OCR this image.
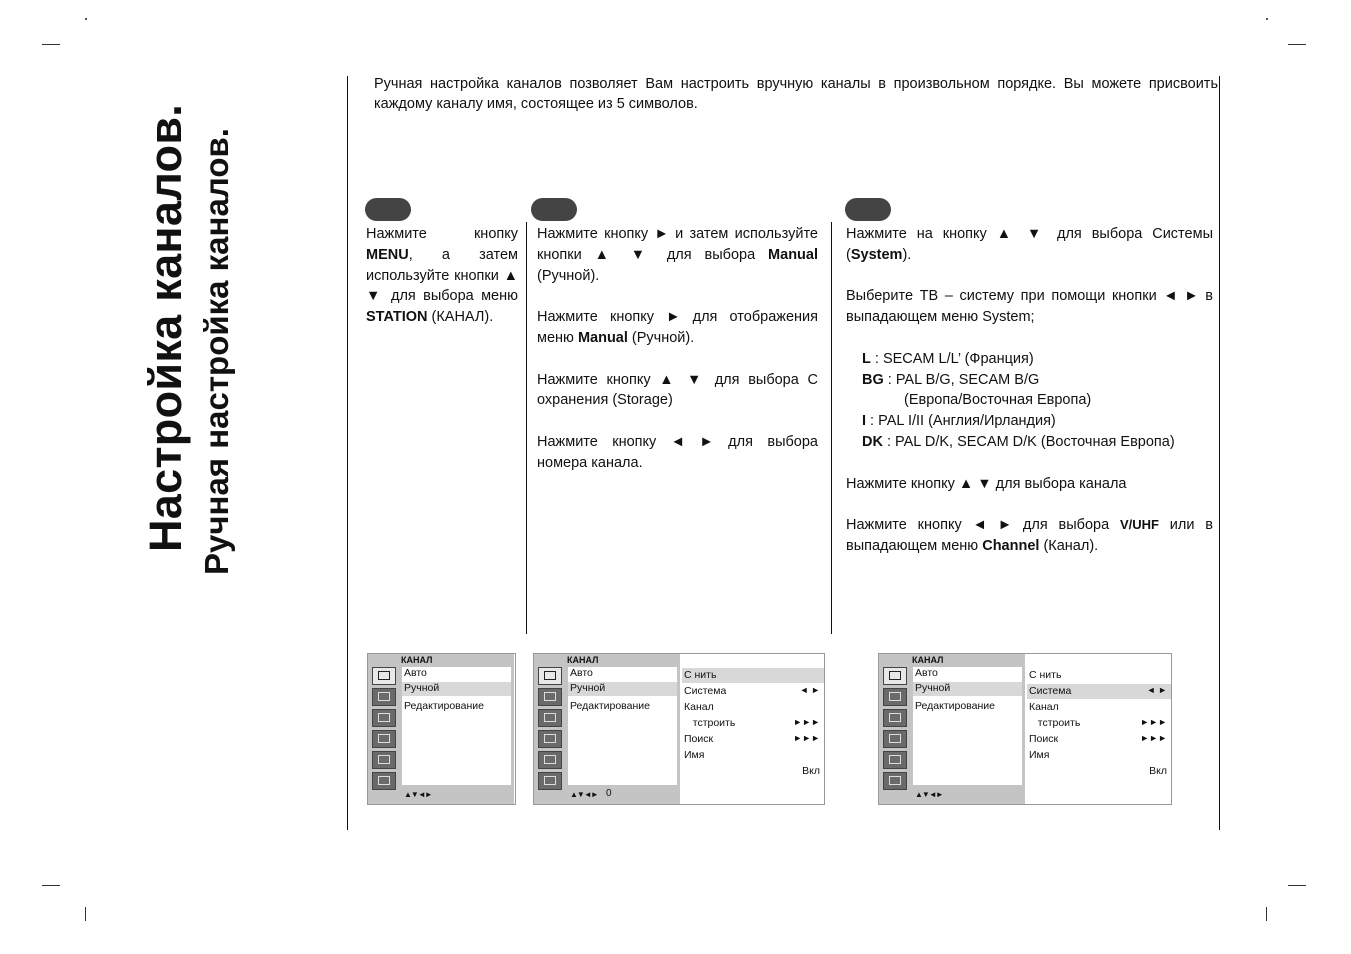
Настройка каналов. Ручная настройка каналов.
Ручная настройка каналов позволяет Вам настроить вручную каналы в произвольном порядке. Вы можете присвоить каждому каналу имя, состоящее из 5 символов.

Нажмите кнопку MENU, а затем используйте кнопки ▲ ▼ для выбора меню STATION (КАНАЛ).

Нажмите кнопку ► и затем используйте кнопки ▲ ▼ для выбора Manual (Ручной).

Нажмите кнопку ► для отображения меню Manual (Ручной).

Нажмите кнопку ▲ ▼ для выбора С охранения (Storage)

Нажмите кнопку ◄ ► для выбора номера канала.

Нажмите на кнопку ▲ ▼ для выбора Системы (System).

Выберите ТВ – систему при помощи кнопки ◄ ► в выпадающем меню System;

L : SECAM L/L’ (Франция)
BG : PAL B/G, SECAM B/G
(Европа/Восточная Европа)
I : PAL I/II (Англия/Ирландия)
DK : PAL D/K, SECAM D/K (Восточная Европа)

Нажмите кнопку ▲ ▼ для выбора канала

Нажмите кнопку ◄ ► для выбора V/UHF или в выпадающем меню Channel (Канал).

КАНАЛ
Авто
Ручной
Редактирование
▲▼◄►
КАНАЛ
Авто
Ручной
Редактирование
▲▼◄► 0
С нить
Система	◄ ►
Канал
тстроить	►►►
Поиск	►►►
Имя
Вкл
КАНАЛ
Авто
Ручной
Редактирование
▲▼◄►
С нить
Система	◄ ►
Канал
тстроить	►►►
Поиск	►►►
Имя
Вкл
